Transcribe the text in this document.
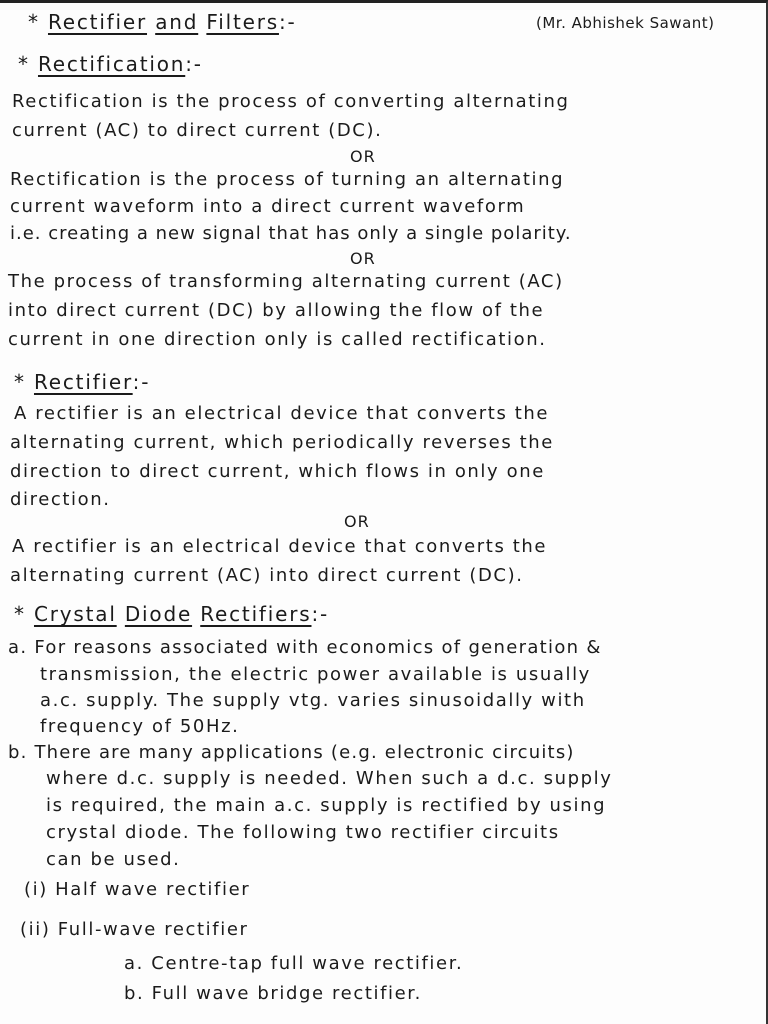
* Rectifier and Filters:-	(Mr. Abhishek Sawant)
* Rectification:-
Rectification is the process of converting alternating
current (AC) to direct current (DC).
OR
Rectification is the process of turning an alternating
current waveform into a direct current waveform
i.e. creating a new signal that has only a single polarity.
OR
The process of transforming alternating current (AC)
into direct current (DC) by allowing the flow of the
current in one direction only is called rectification.
* Rectifier:-
A rectifier is an electrical device that converts the
alternating current, which periodically reverses the
direction to direct current, which flows in only one
direction.
OR
A rectifier is an electrical device that converts the
alternating current (AC) into direct current (DC).
* Crystal Diode Rectifiers:-
a. For reasons associated with economics of generation &
transmission, the electric power available is usually
a.c. supply. The supply vtg. varies sinusoidally with
frequency of 50Hz.
b. There are many applications (e.g. electronic circuits)
where d.c. supply is needed. When such a d.c. supply
is required, the main a.c. supply is rectified by using
crystal diode. The following two rectifier circuits
can be used.
(i) Half wave rectifier
(ii) Full-wave rectifier
a. Centre-tap full wave rectifier.
b. Full wave bridge rectifier.
